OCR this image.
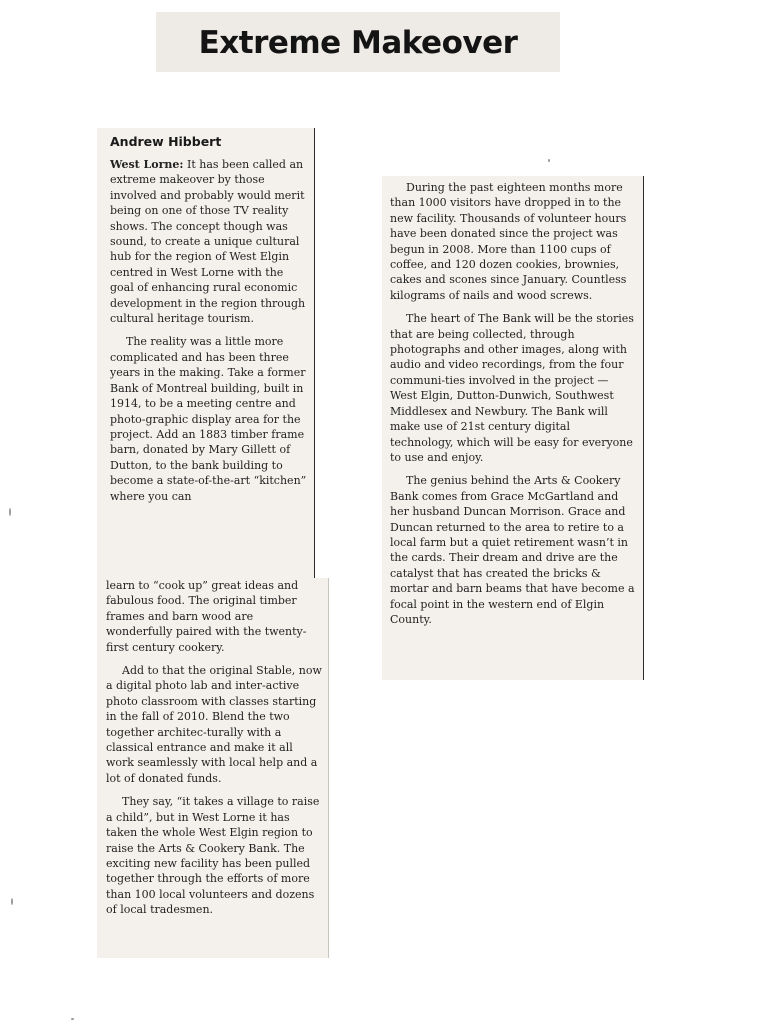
Extreme Makeover
Andrew Hibbert

West Lorne: It has been called an extreme makeover by those involved and probably would merit being on one of those TV reality shows. The concept though was sound, to create a unique cultural hub for the region of West Elgin centred in West Lorne with the goal of enhancing rural economic development in the region through cultural heritage tourism.

The reality was a little more complicated and has been three years in the making. Take a former Bank of Montreal building, built in 1914, to be a meeting centre and photo-graphic display area for the project. Add an 1883 timber frame barn, donated by Mary Gillett of Dutton, to the bank building to become a state-of-the-art “kitchen” where you can

learn to “cook up” great ideas and fabulous food. The original timber frames and barn wood are wonderfully paired with the twenty-first century cookery.

Add to that the original Stable, now a digital photo lab and inter-active photo classroom with classes starting in the fall of 2010. Blend the two together architec-turally with a classical entrance and make it all work seamlessly with local help and a lot of donated funds.

They say, “it takes a village to raise a child”, but in West Lorne it has taken the whole West Elgin region to raise the Arts & Cookery Bank. The exciting new facility has been pulled together through the efforts of more than 100 local volunteers and dozens of local tradesmen.

During the past eighteen months more than 1000 visitors have dropped in to the new facility. Thousands of volunteer hours have been donated since the project was begun in 2008. More than 1100 cups of coffee, and 120 dozen cookies, brownies, cakes and scones since January. Countless kilograms of nails and wood screws.

The heart of The Bank will be the stories that are being collected, through photographs and other images, along with audio and video recordings, from the four communi-ties involved in the project — West Elgin, Dutton-Dunwich, Southwest Middlesex and Newbury. The Bank will make use of 21st century digital technology, which will be easy for everyone to use and enjoy.

The genius behind the Arts & Cookery Bank comes from Grace McGartland and her husband Duncan Morrison. Grace and Duncan returned to the area to retire to a local farm but a quiet retirement wasn’t in the cards. Their dream and drive are the catalyst that has created the bricks & mortar and barn beams that have become a focal point in the western end of Elgin County.
